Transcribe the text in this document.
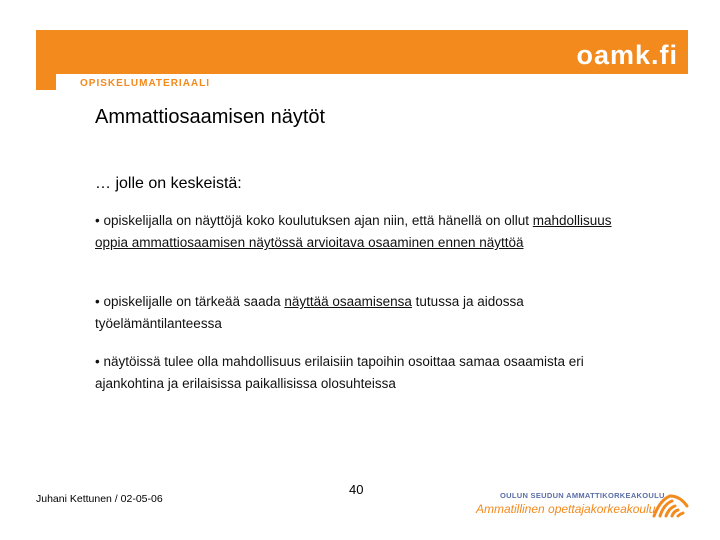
oamk.fi
OPISKELUMATERIAALI
Ammattiosaamisen näytöt
… jolle on keskeistä:
• opiskelijalla on näyttöjä koko koulutuksen ajan niin, että hänellä on ollut mahdollisuus oppia ammattiosaamisen näytössä arvioitava osaaminen ennen näyttöä
• opiskelijalle on tärkeää saada näyttää osaamisensa tutussa ja aidossa työelämäntilanteessa
• näytöissä tulee olla mahdollisuus erilaisiin tapoihin osoittaa samaa osaamista eri ajankohtina ja erilaisissa paikallisissa olosuhteissa
Juhani Kettunen / 02-05-06
40	OULUN SEUDUN AMMATTIKORKEAKOULU
Ammatillinen opettajakorkeakoulu
